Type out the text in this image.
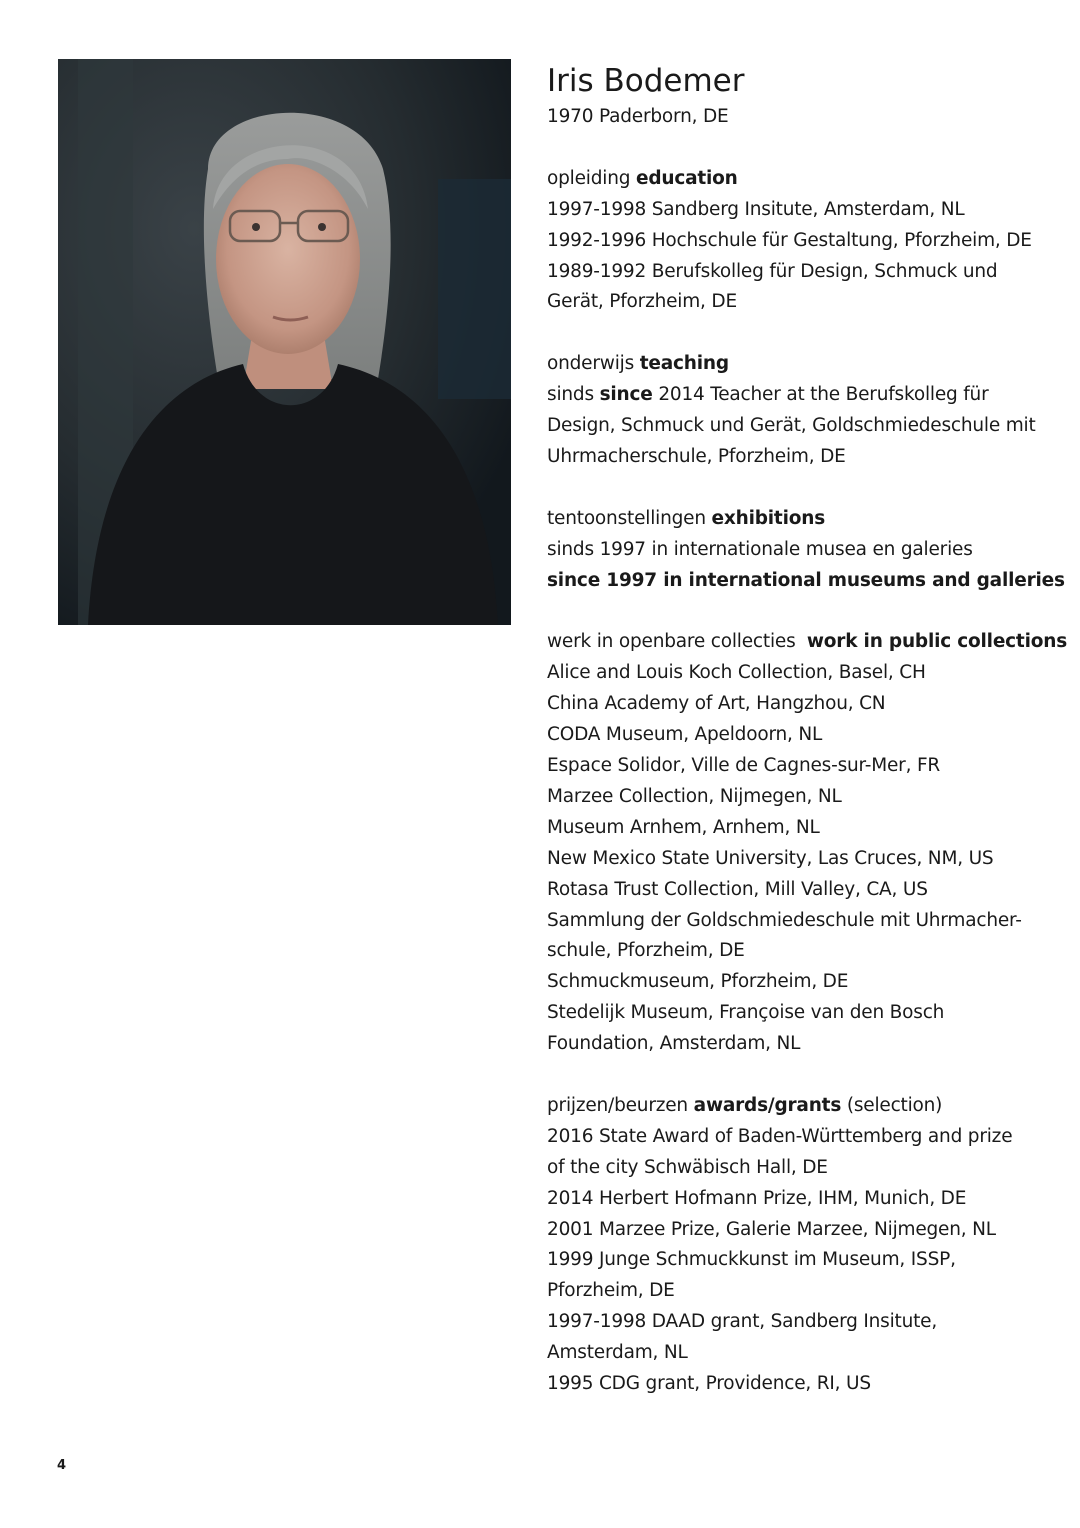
Iris Bodemer
1970 Paderborn, DE
opleiding education
1997-1998 Sandberg Insitute, Amsterdam, NL
1992-1996 Hochschule für Gestaltung, Pforzheim, DE
1989-1992 Berufskolleg für Design, Schmuck und
Gerät, Pforzheim, DE
onderwijs teaching
sinds since 2014 Teacher at the Berufskolleg für
Design, Schmuck und Gerät, Goldschmiedeschule mit
Uhrmacherschule, Pforzheim, DE
tentoonstellingen exhibitions
sinds 1997 in internationale musea en galeries
since 1997 in international museums and galleries
werk in openbare collecties work in public collections
Alice and Louis Koch Collection, Basel, CH
China Academy of Art, Hangzhou, CN
CODA Museum, Apeldoorn, NL
Espace Solidor, Ville de Cagnes-sur-Mer, FR
Marzee Collection, Nijmegen, NL
Museum Arnhem, Arnhem, NL
New Mexico State University, Las Cruces, NM, US
Rotasa Trust Collection, Mill Valley, CA, US
Sammlung der Goldschmiedeschule mit Uhrmacher-
schule, Pforzheim, DE
Schmuckmuseum, Pforzheim, DE
Stedelijk Museum, Françoise van den Bosch
Foundation, Amsterdam, NL
prijzen/beurzen awards/grants (selection)
2016 State Award of Baden-Württemberg and prize
of the city Schwäbisch Hall, DE
2014 Herbert Hofmann Prize, IHM, Munich, DE
2001 Marzee Prize, Galerie Marzee, Nijmegen, NL
1999 Junge Schmuckkunst im Museum, ISSP,
Pforzheim, DE
1997-1998 DAAD grant, Sandberg Insitute,
Amsterdam, NL
1995 CDG grant, Providence, RI, US
4
